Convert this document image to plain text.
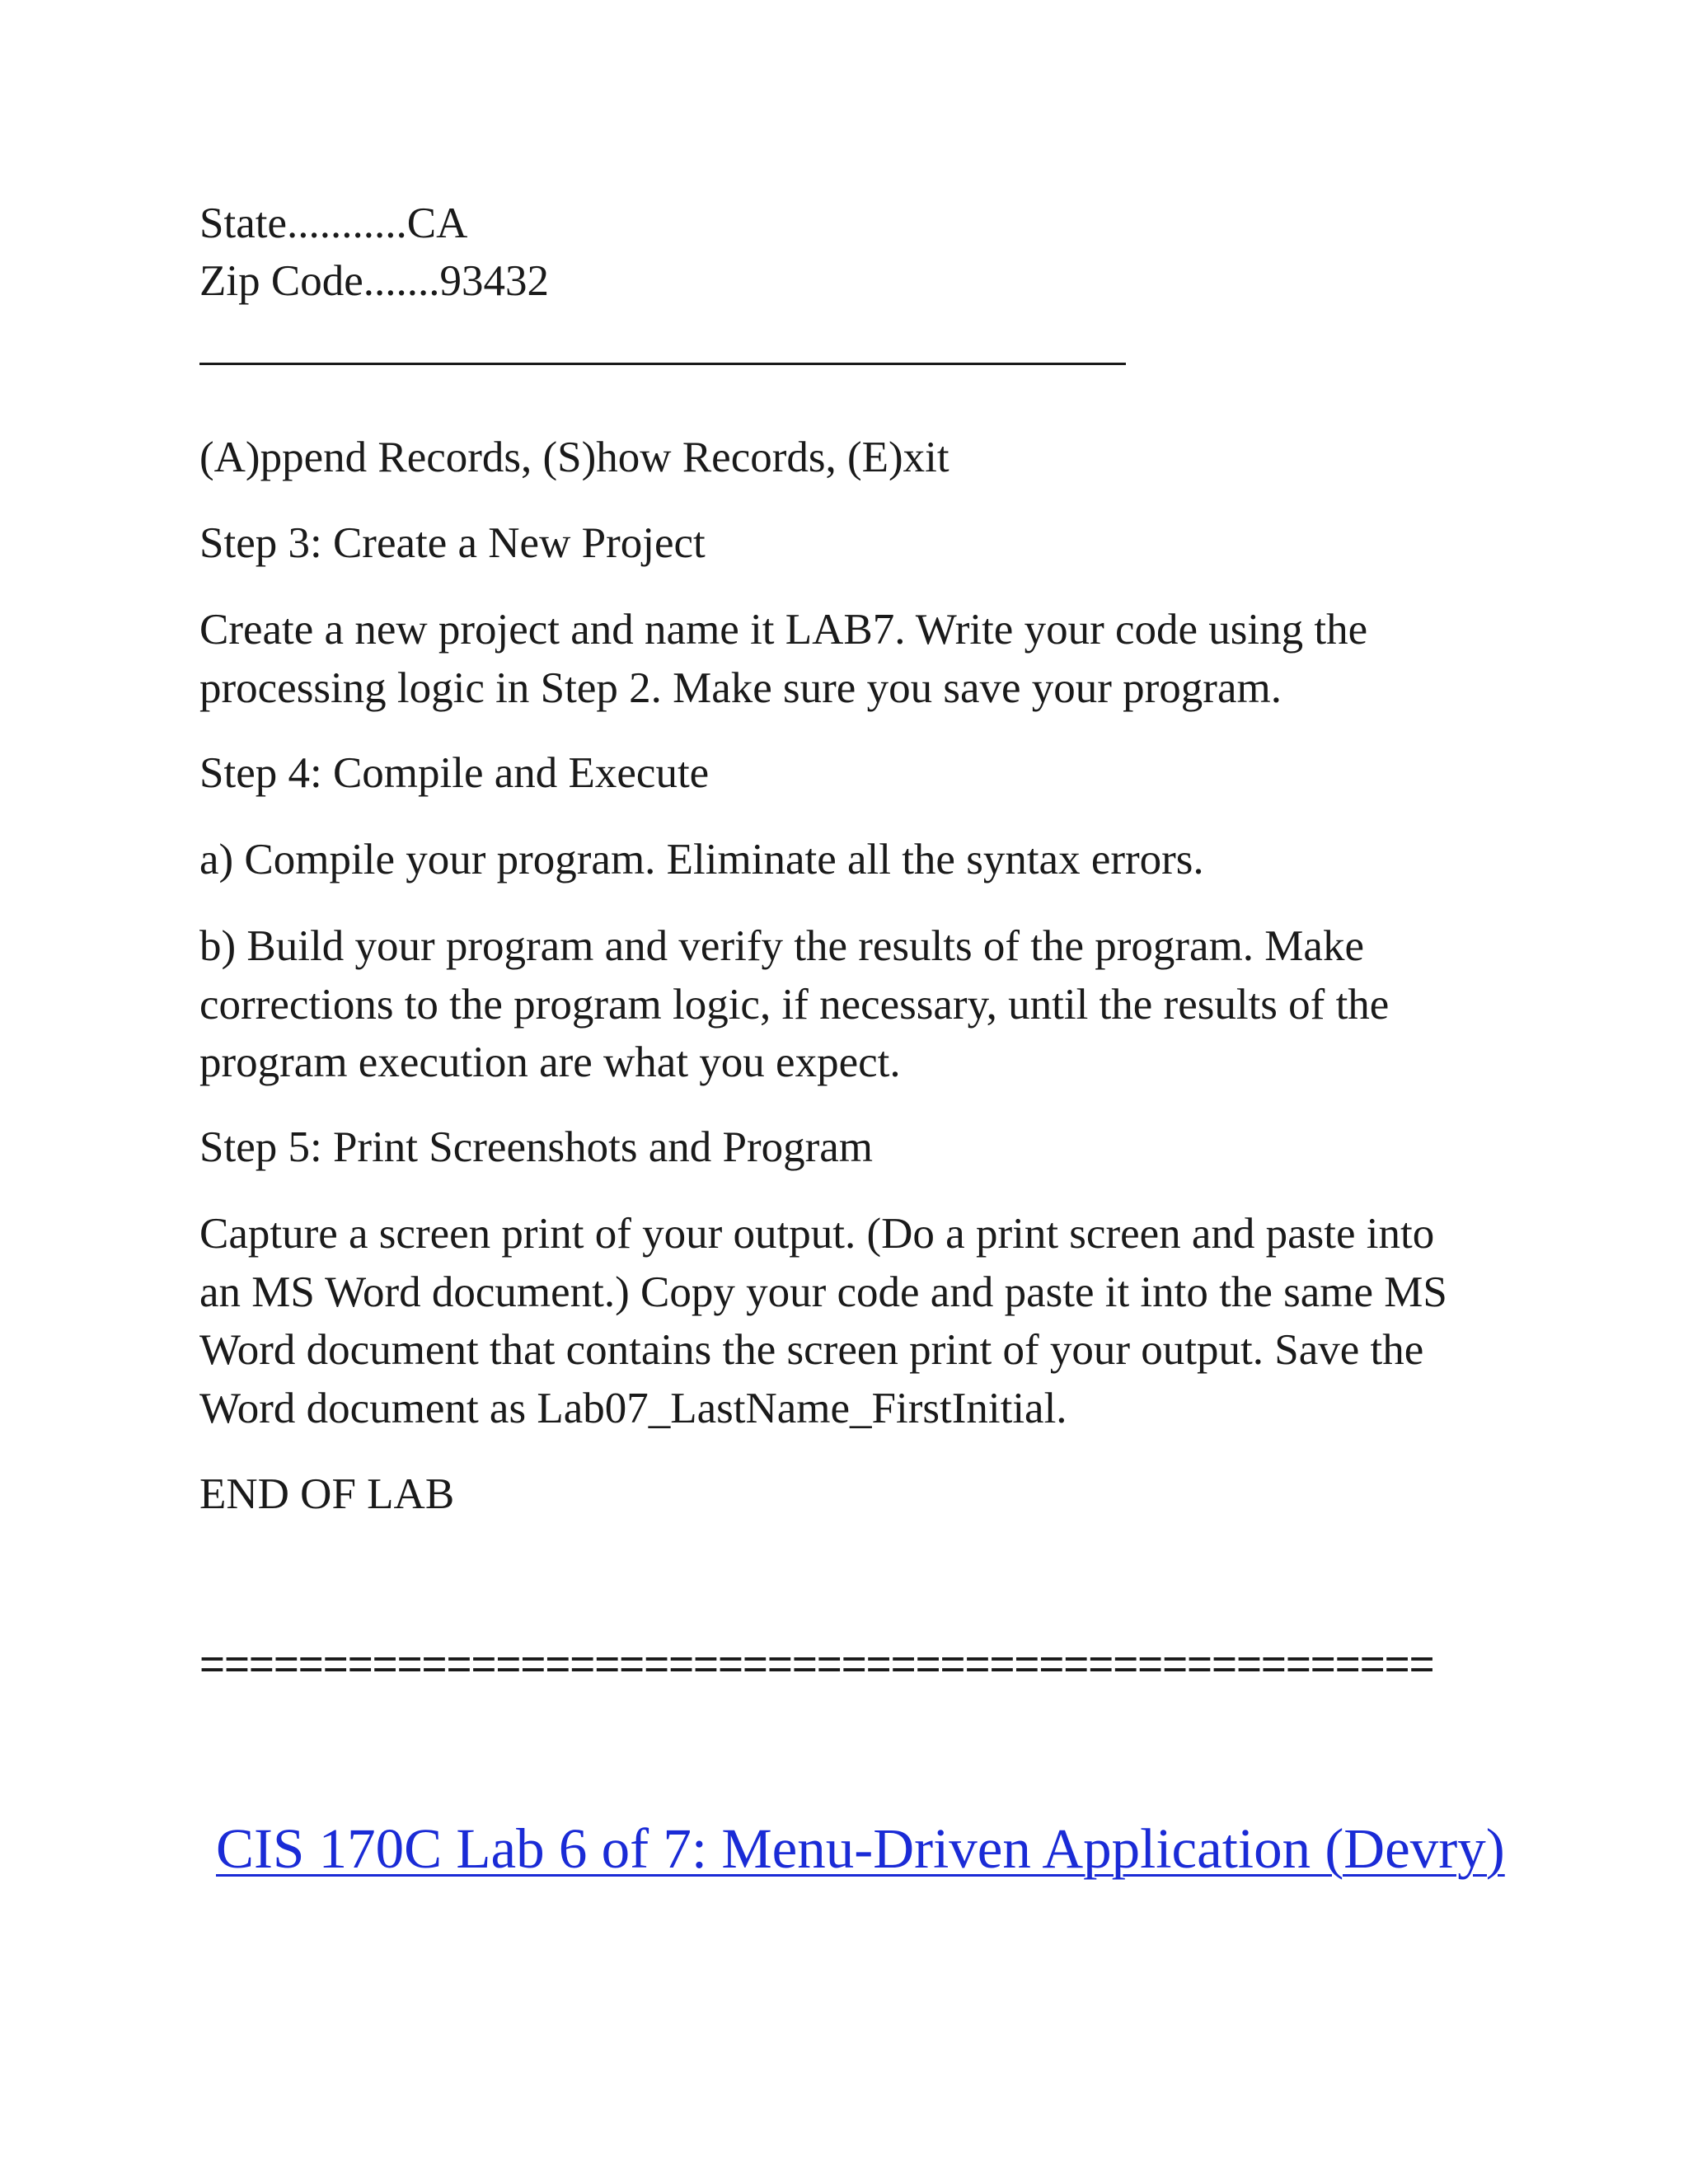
State...........CA

Zip Code.......93432

(A)ppend Records, (S)how Records, (E)xit

Step 3: Create a New Project

Create a new project and name it LAB7. Write your code using the
processing logic in Step 2. Make sure you save your program.

Step 4: Compile and Execute

a) Compile your program. Eliminate all the syntax errors.

b) Build your program and verify the results of the program. Make
corrections to the program logic, if necessary, until the results of the
program execution are what you expect.

Step 5: Print Screenshots and Program

Capture a screen print of your output. (Do a print screen and paste into
an MS Word document.) Copy your code and paste it into the same MS
Word document that contains the screen print of your output. Save the
Word document as Lab07_LastName_FirstInitial.

END OF LAB

==================================================
CIS 170C Lab 6 of 7: Menu-Driven Application (Devry)
